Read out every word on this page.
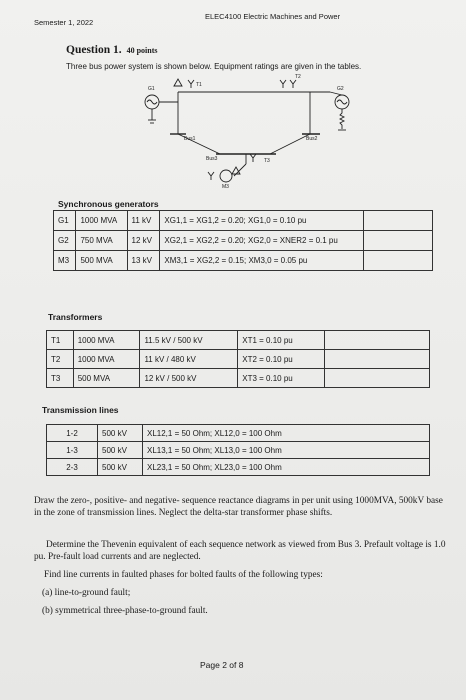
Semester 1, 2022
ELEC4100 Electric Machines and Power
Question 1. 40 points
Three bus power system is shown below. Equipment ratings are given in the tables.
G1
T1
T2
G2
Bus1	Bus2
Bus3	T3
M3
Synchronous generators
G1	1000 MVA	11 kV	XG1,1 = XG1,2 = 0.20; XG1,0 = 0.10 pu	
G2	750 MVA	12 kV	XG2,1 = XG2,2 = 0.20; XG2,0 = XNER2 = 0.1 pu	
M3	500 MVA	13 kV	XM3,1 = XG2,2 = 0.15; XM3,0 = 0.05 pu	
Transformers
T1	1000 MVA	11.5 kV / 500 kV	XT1 = 0.10 pu	
T2	1000 MVA	11 kV / 480 kV	XT2 = 0.10 pu	
T3	500 MVA	12 kV / 500 kV	XT3 = 0.10 pu	
Transmission lines
1-2	500 kV	XL12,1 = 50 Ohm; XL12,0 = 100 Ohm
1-3	500 kV	XL13,1 = 50 Ohm; XL13,0 = 100 Ohm
2-3	500 kV	XL23,1 = 50 Ohm; XL23,0 = 100 Ohm
Draw the zero-, positive- and negative- sequence reactance diagrams in per unit using 1000MVA, 500kV base in the zone of transmission lines. Neglect the delta-star transformer phase shifts.
Determine the Thevenin equivalent of each sequence network as viewed from Bus 3. Prefault voltage is 1.0 pu. Pre-fault load currents and are neglected.
Find line currents in faulted phases for bolted faults of the following types:
(a) line-to-ground fault;
(b) symmetrical three-phase-to-ground fault.
Page 2 of 8
